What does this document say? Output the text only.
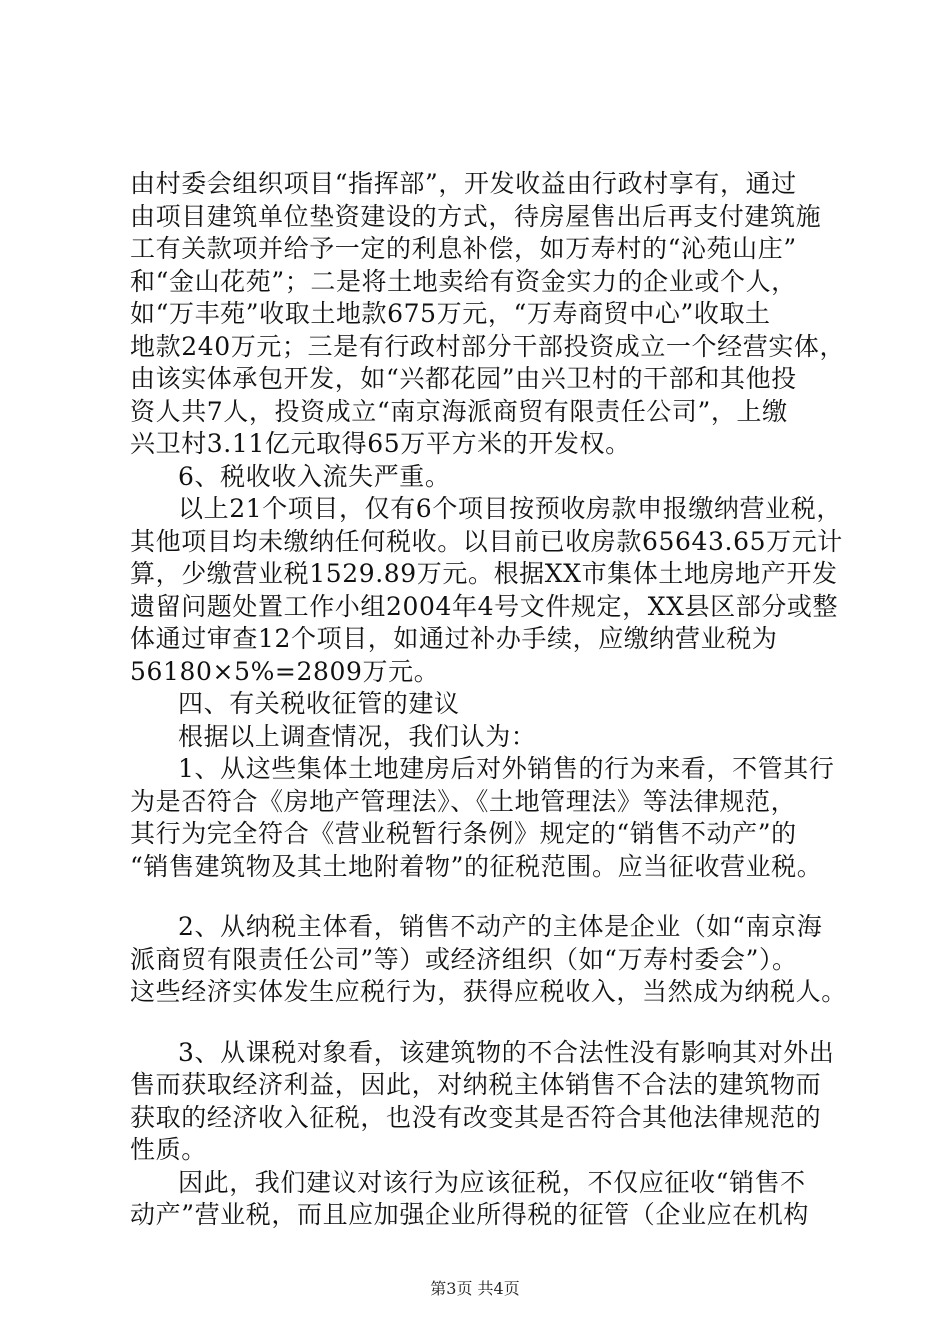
由村委会组织项目“指挥部”，开发收益由行政村享有，通过
由项目建筑单位垫资建设的方式，待房屋售出后再支付建筑施
工有关款项并给予一定的利息补偿，如万寿村的“沁苑山庄”
和“金山花苑”；二是将土地卖给有资金实力的企业或个人，
如“万丰苑”收取土地款675万元，“万寿商贸中心”收取土
地款240万元；三是有行政村部分干部投资成立一个经营实体，
由该实体承包开发，如“兴都花园”由兴卫村的干部和其他投
资人共7人，投资成立“南京海派商贸有限责任公司”，上缴
兴卫村3.11亿元取得65万平方米的开发权。
6、税收收入流失严重。
以上21个项目，仅有6个项目按预收房款申报缴纳营业税，
其他项目均未缴纳任何税收。以目前已收房款65643.65万元计
算，少缴营业税1529.89万元。根据XX市集体土地房地产开发
遗留问题处置工作小组2004年4号文件规定，XX县区部分或整
体通过审查12个项目，如通过补办手续，应缴纳营业税为
56180×5%=2809万元。
四、有关税收征管的建议
根据以上调查情况，我们认为：
1、从这些集体土地建房后对外销售的行为来看，不管其行
为是否符合《房地产管理法》、《土地管理法》等法律规范，
其行为完全符合《营业税暂行条例》规定的“销售不动产”的
“销售建筑物及其土地附着物”的征税范围。应当征收营业税。
2、从纳税主体看，销售不动产的主体是企业（如“南京海
派商贸有限责任公司”等）或经济组织（如“万寿村委会”）。
这些经济实体发生应税行为，获得应税收入，当然成为纳税人。
3、从课税对象看，该建筑物的不合法性没有影响其对外出
售而获取经济利益，因此，对纳税主体销售不合法的建筑物而
获取的经济收入征税，也没有改变其是否符合其他法律规范的
性质。
因此，我们建议对该行为应该征税，不仅应征收“销售不
动产”营业税，而且应加强企业所得税的征管（企业应在机构
第3页 共4页
